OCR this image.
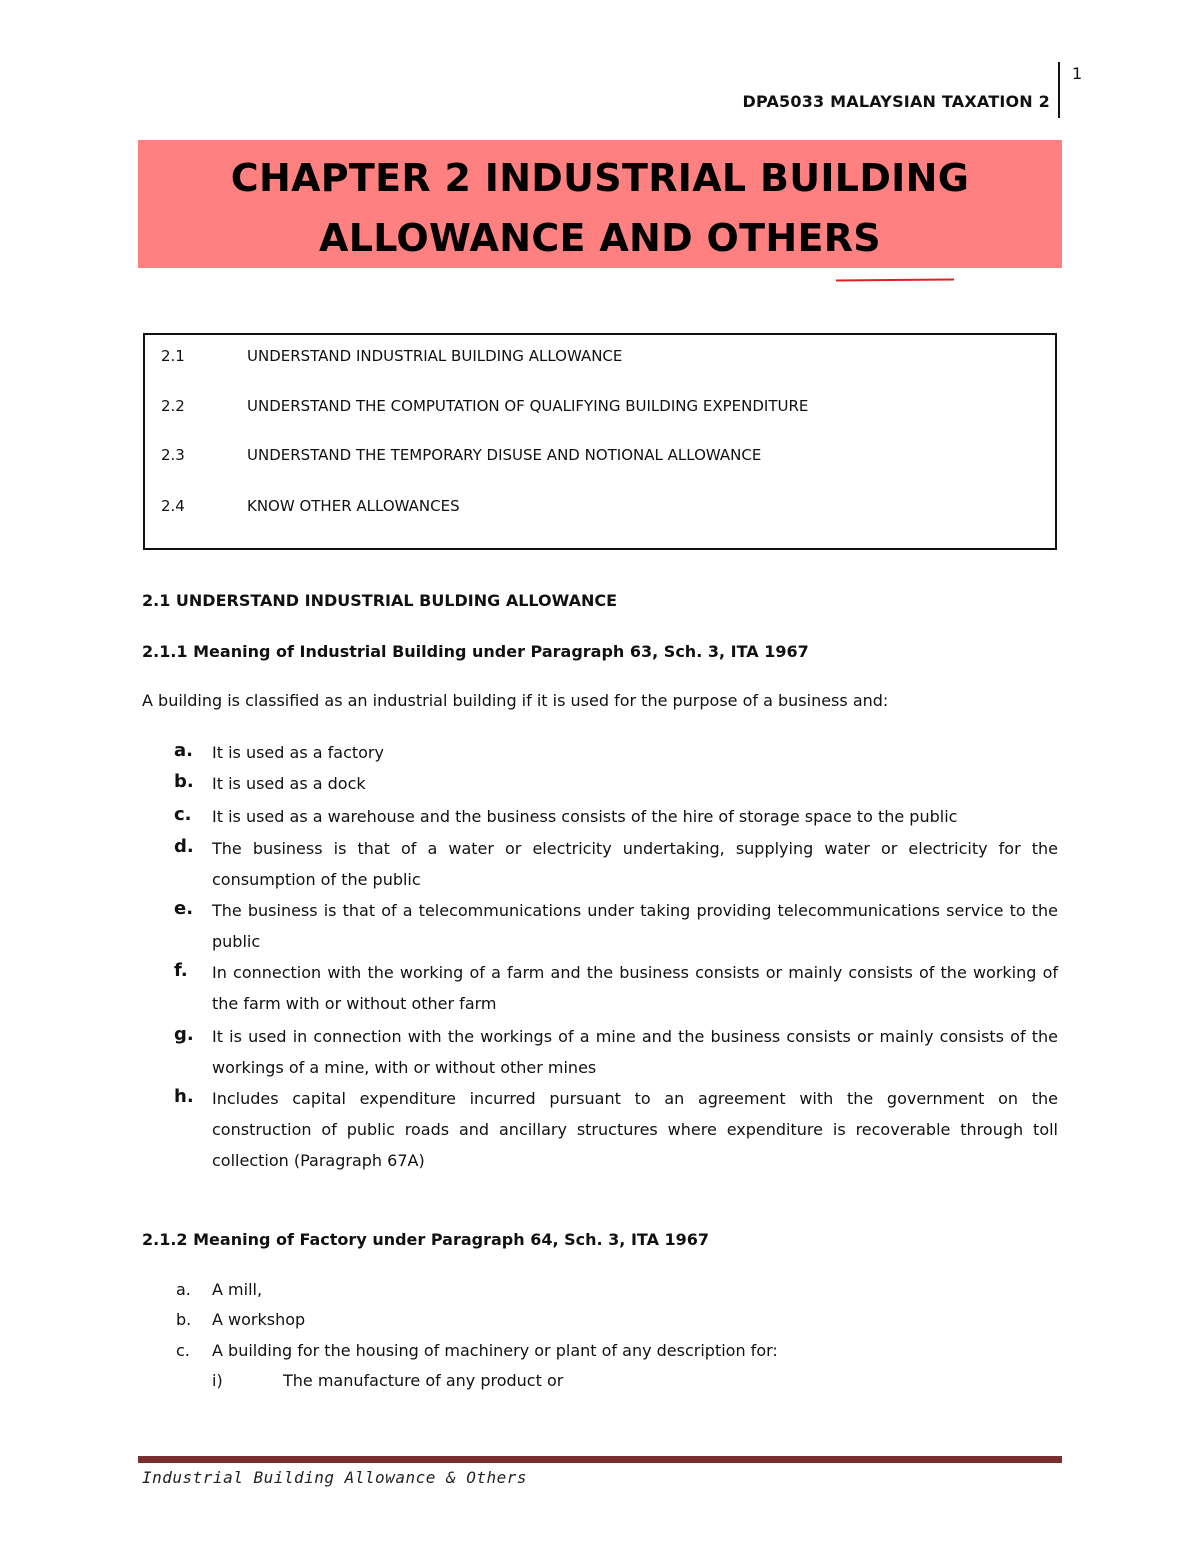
1
DPA5033 MALAYSIAN TAXATION 2
CHAPTER 2 INDUSTRIAL BUILDING
ALLOWANCE AND OTHERS
2.1	UNDERSTAND INDUSTRIAL BUILDING ALLOWANCE
2.2	UNDERSTAND THE COMPUTATION OF QUALIFYING BUILDING EXPENDITURE
2.3	UNDERSTAND THE TEMPORARY DISUSE AND NOTIONAL ALLOWANCE
2.4	KNOW OTHER ALLOWANCES
2.1 UNDERSTAND INDUSTRIAL BULDING ALLOWANCE
2.1.1 Meaning of Industrial Building under Paragraph 63, Sch. 3, ITA 1967
A building is classified as an industrial building if it is used for the purpose of a business and:
a. It is used as a factory
b. It is used as a dock
c. It is used as a warehouse and the business consists of the hire of storage space to the public
d. The business is that of a water or electricity undertaking, supplying water or electricity for the consumption of the public
e. The business is that of a telecommunications under taking providing telecommunications service to the public
f. In connection with the working of a farm and the business consists or mainly consists of the working of the farm with or without other farm
g. It is used in connection with the workings of a mine and the business consists or mainly consists of the workings of a mine, with or without other mines
h. Includes capital expenditure incurred pursuant to an agreement with the government on the construction of public roads and ancillary structures where expenditure is recoverable through toll collection (Paragraph 67A)
2.1.2 Meaning of Factory under Paragraph 64, Sch. 3, ITA 1967
a. A mill,
b. A workshop
c. A building for the housing of machinery or plant of any description for:
i)	The manufacture of any product or
Industrial Building Allowance & Others
